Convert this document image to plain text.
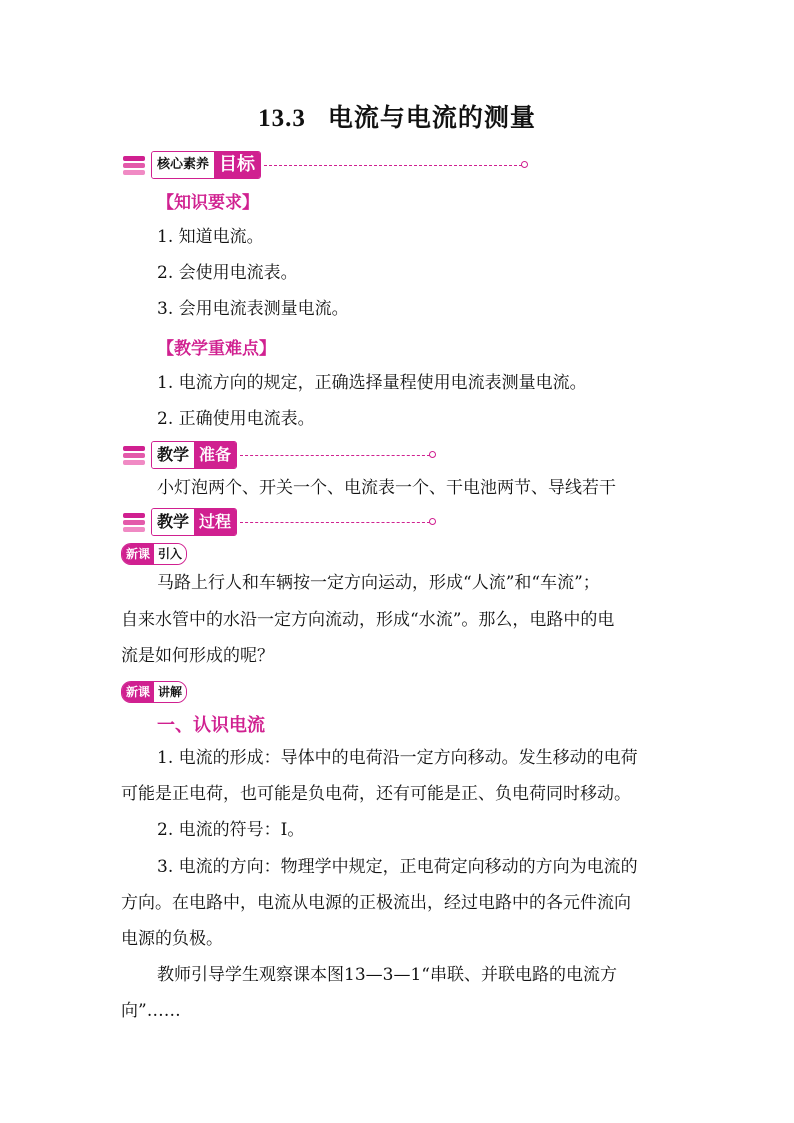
13.3 电流与电流的测量
核心素养 目标
【知识要求】
1. 知道电流。
2. 会使用电流表。
3. 会用电流表测量电流。
【教学重难点】
1. 电流方向的规定，正确选择量程使用电流表测量电流。
2. 正确使用电流表。
教学 准备
小灯泡两个、开关一个、电流表一个、干电池两节、导线若干
教学 过程
新课 引入
马路上行人和车辆按一定方向运动，形成“人流”和“车流”；
自来水管中的水沿一定方向流动，形成“水流”。那么，电路中的电
流是如何形成的呢？
新课 讲解
一、认识电流
1. 电流的形成：导体中的电荷沿一定方向移动。发生移动的电荷
可能是正电荷，也可能是负电荷，还有可能是正、负电荷同时移动。
2. 电流的符号：I。
3. 电流的方向：物理学中规定，正电荷定向移动的方向为电流的
方向。在电路中，电流从电源的正极流出，经过电路中的各元件流向
电源的负极。
教师引导学生观察课本图13—3—1“串联、并联电路的电流方
向”……
